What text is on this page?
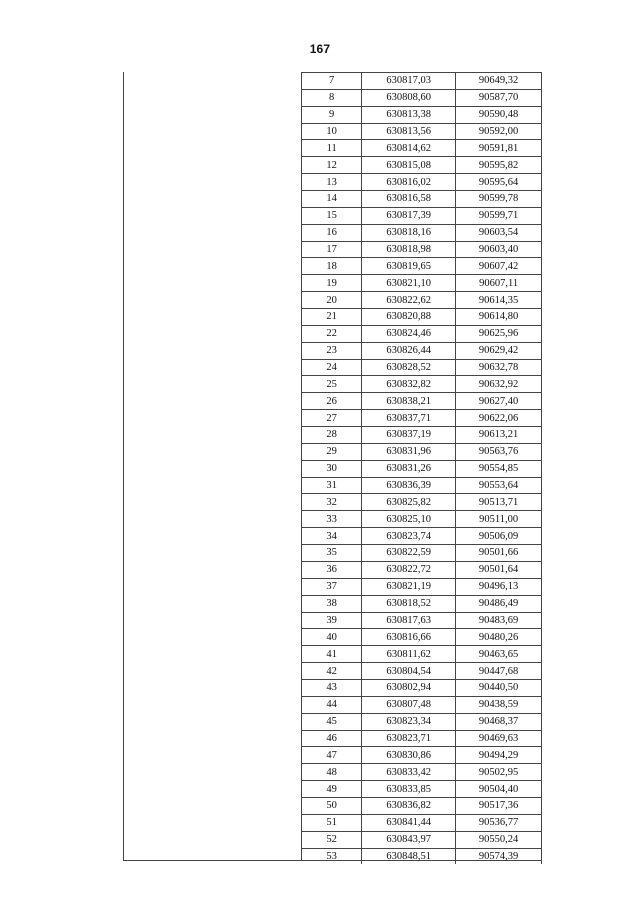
167
7	630817,03	90649,32
8	630808,60	90587,70
9	630813,38	90590,48
10	630813,56	90592,00
11	630814,62	90591,81
12	630815,08	90595,82
13	630816,02	90595,64
14	630816,58	90599,78
15	630817,39	90599,71
16	630818,16	90603,54
17	630818,98	90603,40
18	630819,65	90607,42
19	630821,10	90607,11
20	630822,62	90614,35
21	630820,88	90614,80
22	630824,46	90625,96
23	630826,44	90629,42
24	630828,52	90632,78
25	630832,82	90632,92
26	630838,21	90627,40
27	630837,71	90622,06
28	630837,19	90613,21
29	630831,96	90563,76
30	630831,26	90554,85
31	630836,39	90553,64
32	630825,82	90513,71
33	630825,10	90511,00
34	630823,74	90506,09
35	630822,59	90501,66
36	630822,72	90501,64
37	630821,19	90496,13
38	630818,52	90486,49
39	630817,63	90483,69
40	630816,66	90480,26
41	630811,62	90463,65
42	630804,54	90447,68
43	630802,94	90440,50
44	630807,48	90438,59
45	630823,34	90468,37
46	630823,71	90469,63
47	630830,86	90494,29
48	630833,42	90502,95
49	630833,85	90504,40
50	630836,82	90517,36
51	630841,44	90536,77
52	630843,97	90550,24
53	630848,51	90574,39
